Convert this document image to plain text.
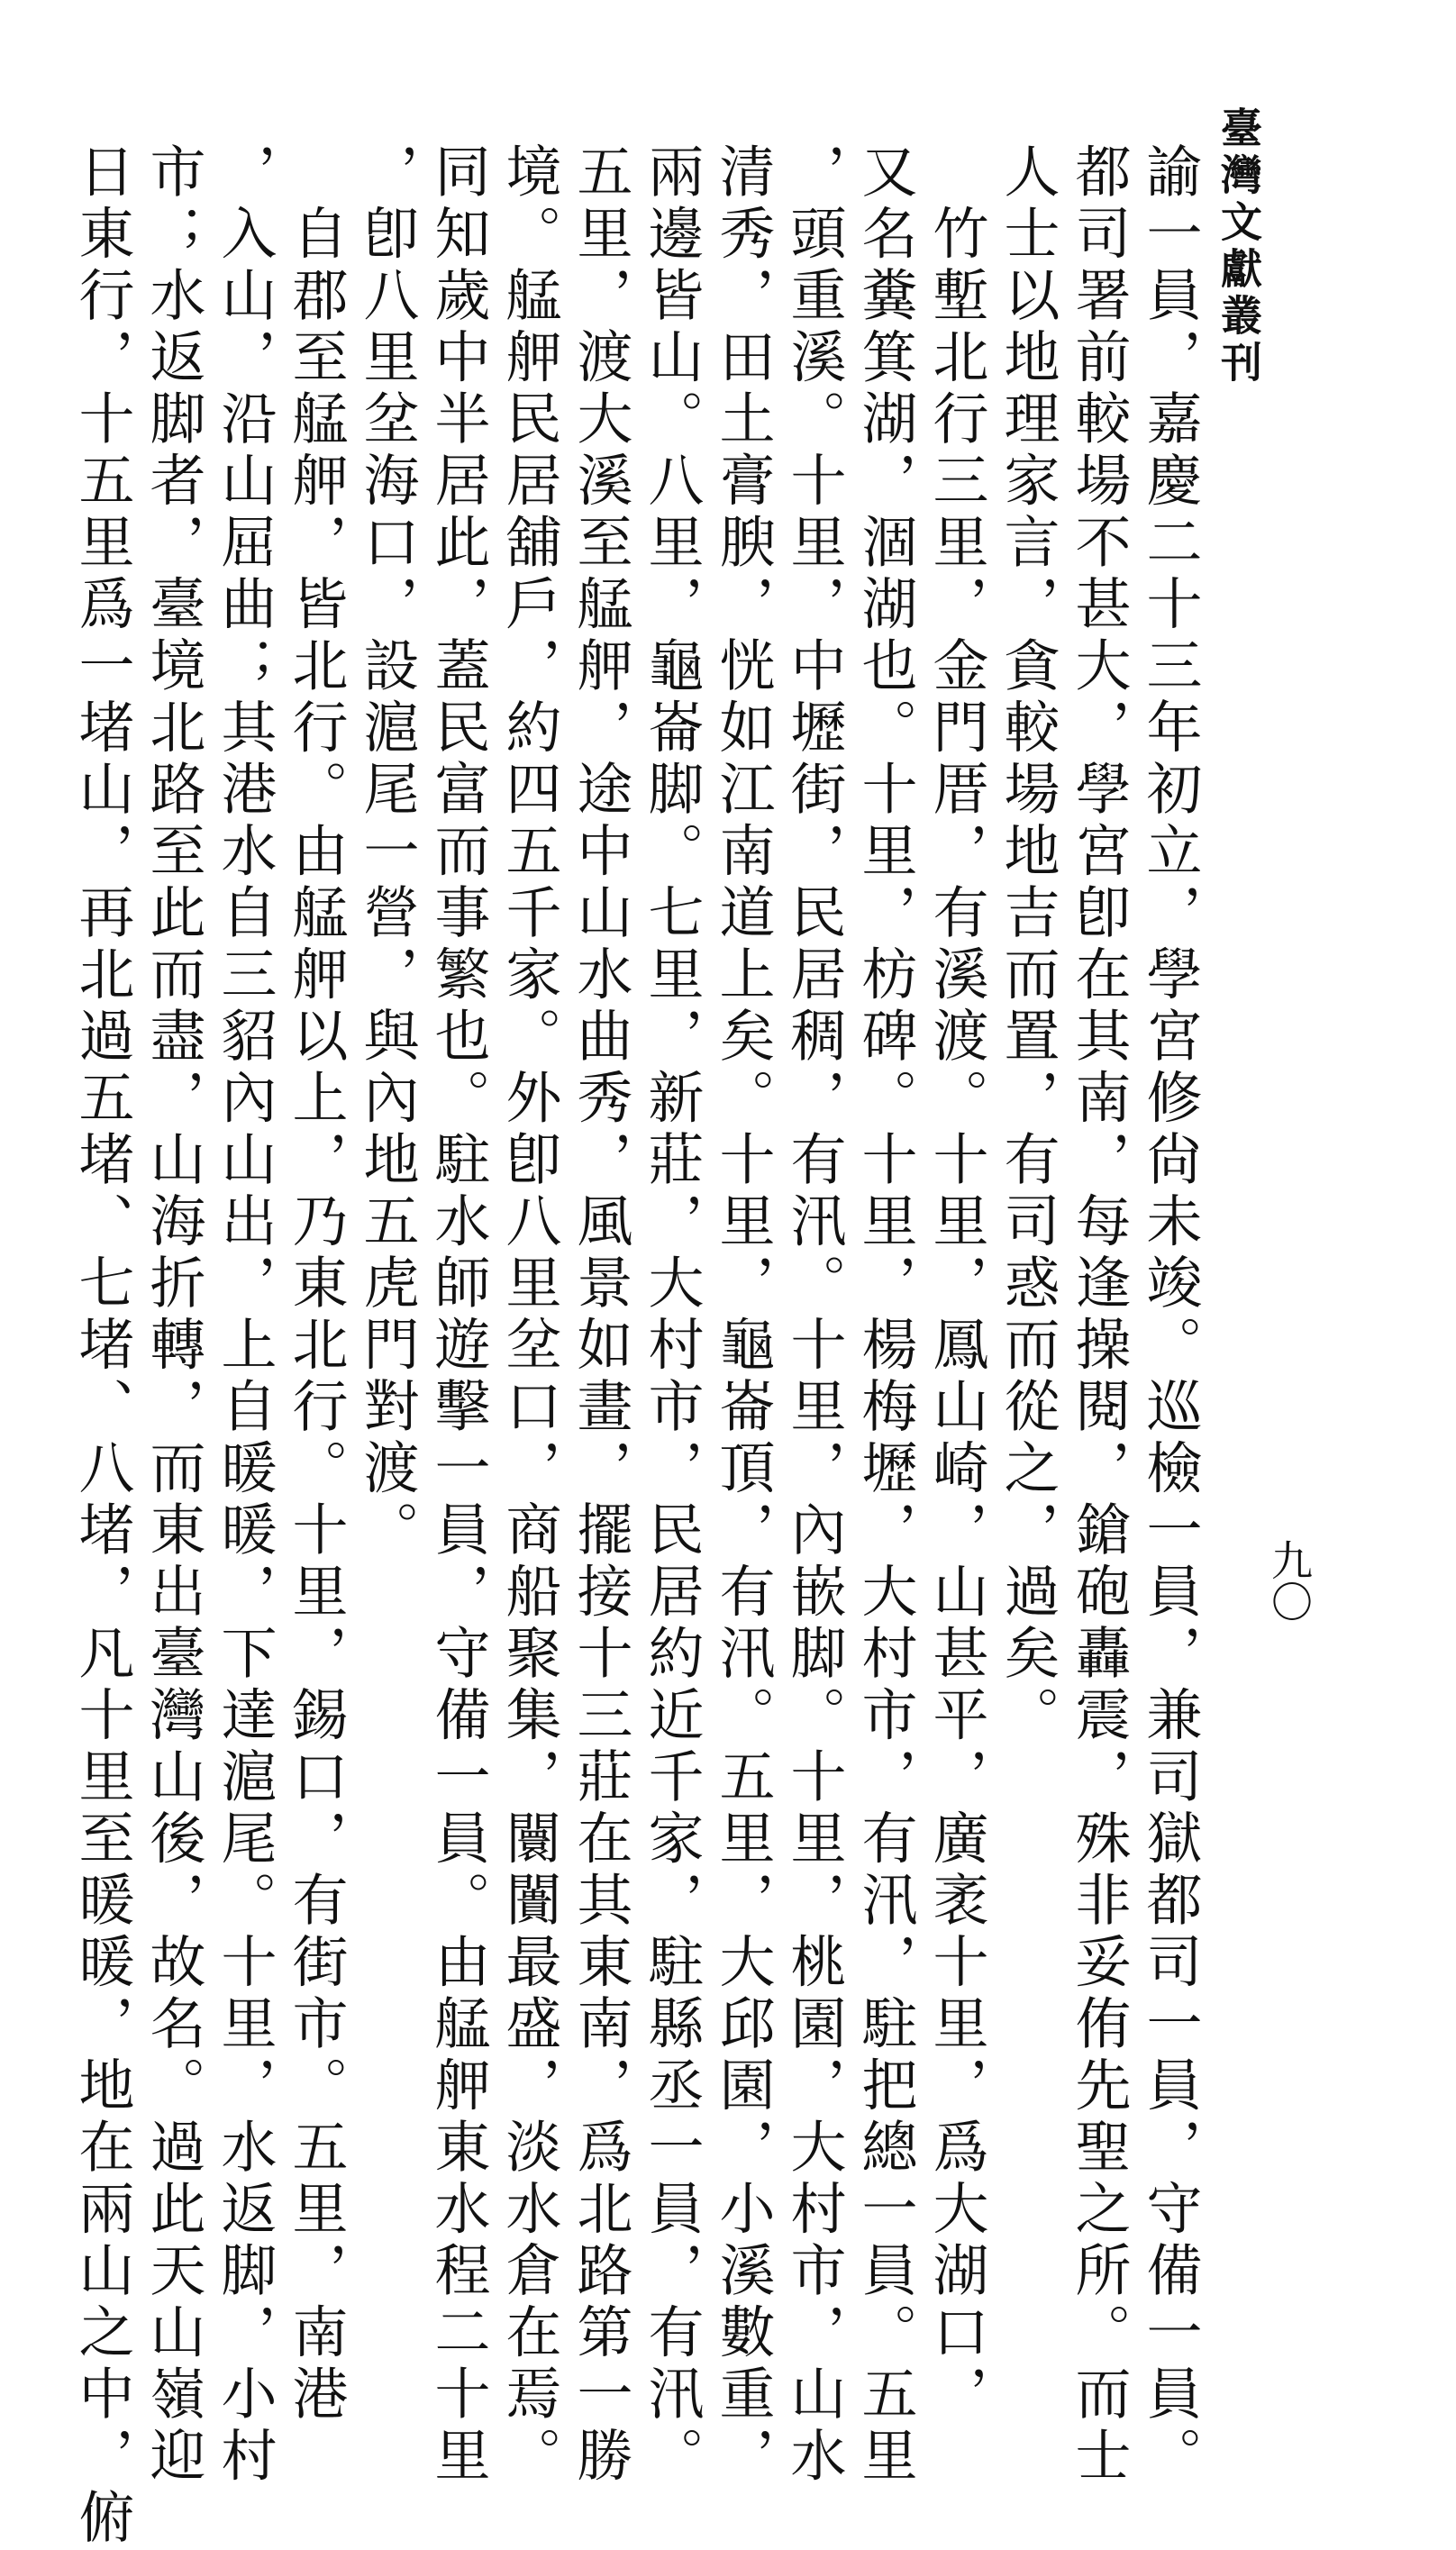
臺灣文獻叢刊
九〇

諭一員，嘉慶二十三年初立，學宮修尙未竣。巡檢一員，兼司獄都司一員，守備一員。

都司署前較場不甚大，學宮卽在其南，每逢操閱，鎗砲轟震，殊非妥侑先聖之所。而士

人士以地理家言，貪較場地吉而置，有司惑而從之，過矣。

　竹塹北行三里，金門厝，有溪渡。十里，鳳山崎，山甚平，廣袤十里，爲大湖口，

又名糞箕湖，涸湖也。十里，枋碑。十里，楊梅壢，大村市，有汛，駐把總一員。五里

，頭重溪。十里，中壢街，民居稠，有汛。十里，內嵌脚。十里，桃園，大村市，山水

清秀，田土膏腴，恍如江南道上矣。十里，龜崙頂，有汛。五里，大邱園，小溪數重，

兩邊皆山。八里，龜崙脚。七里，新莊，大村市，民居約近千家，駐縣丞一員，有汛。

五里，渡大溪至艋舺，途中山水曲秀，風景如畫，擺接十三莊在其東南，爲北路第一勝

境。艋舺民居舖戶，約四五千家。外卽八里坌口，商船聚集，闤闠最盛，淡水倉在焉。

同知歲中半居此，蓋民富而事繁也。駐水師遊擊一員，守備一員。由艋舺東水程二十里

，卽八里坌海口，設滬尾一營，與內地五虎門對渡。

　自郡至艋舺，皆北行。由艋舺以上，乃東北行。十里，錫口，有街市。五里，南港

，入山，沿山屈曲；其港水自三貂內山出，上自暖暖，下達滬尾。十里，水返脚，小村

市；水返脚者，臺境北路至此而盡，山海折轉，而東出臺灣山後，故名。過此天山嶺迎

日東行，十五里爲一堵山，再北過五堵、七堵、八堵，凡十里至暖暖，地在兩山之中，俯
